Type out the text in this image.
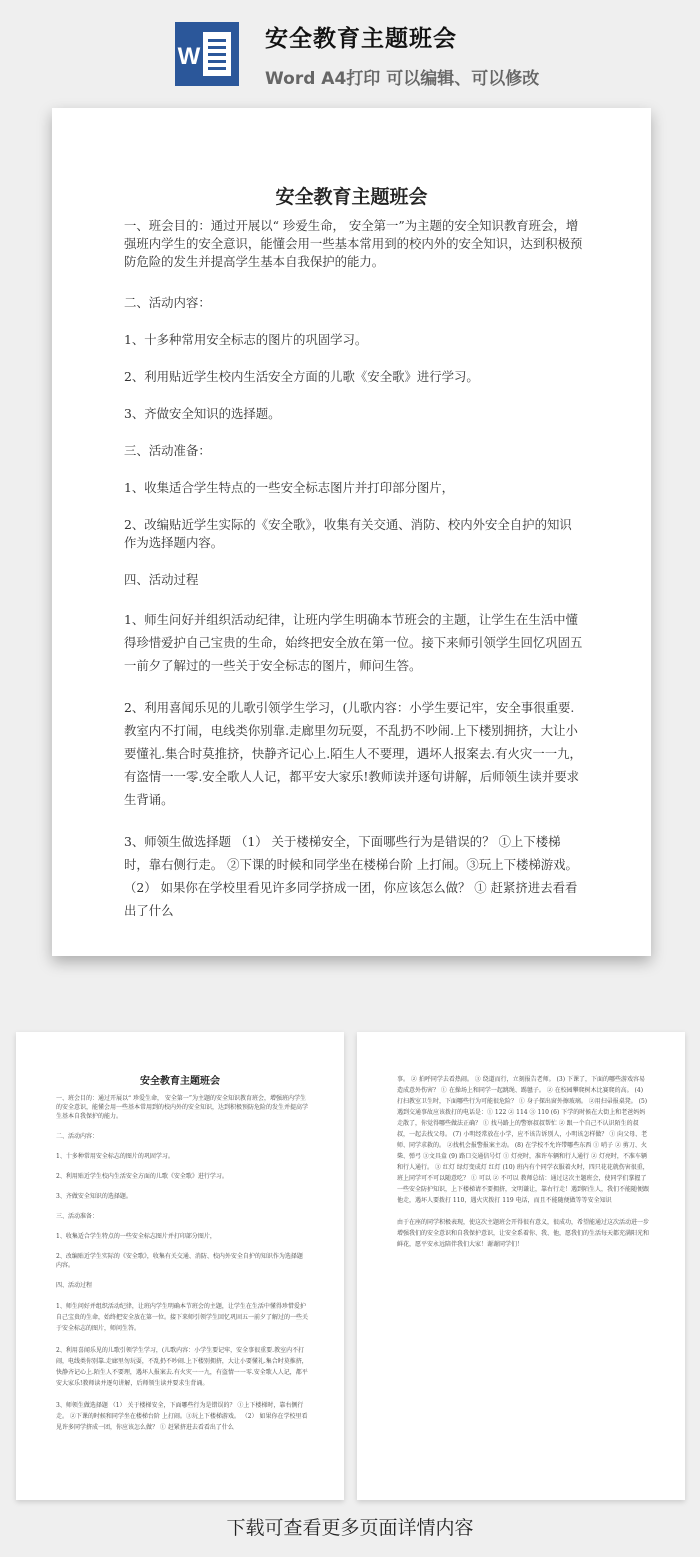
W
安全教育主题班会
Word A4打印 可以编辑、可以修改
安全教育主题班会

一、班会目的：通过开展以“ 珍爱生命， 安全第一”为主题的安全知识教育班会，增强班内学生的安全意识，能懂会用一些基本常用到的校内外的安全知识，达到积极预防危险的发生并提高学生基本自我保护的能力。

二、活动内容：

1、十多种常用安全标志的图片的巩固学习。

2、利用贴近学生校内生活安全方面的儿歌《安全歌》进行学习。

3、齐做安全知识的选择题。

三、活动准备：

1、收集适合学生特点的一些安全标志图片并打印部分图片，

2、改编贴近学生实际的《安全歌》，收集有关交通、消防、校内外安全自护的知识作为选择题内容。

四、活动过程

1、师生问好并组织活动纪律，让班内学生明确本节班会的主题，让学生在生活中懂得珍惜爱护自己宝贵的生命，始终把安全放在第一位。接下来师引领学生回忆巩固五一前夕了解过的一些关于安全标志的图片，师问生答。

2、利用喜闻乐见的儿歌引领学生学习，(儿歌内容：小学生要记牢，安全事很重要.教室内不打闹，电线类你别靠.走廊里勿玩耍，不乱扔不吵闹.上下楼别拥挤，大让小要懂礼.集合时莫推挤，快静齐记心上.陌生人不要理，遇坏人报案去.有火灾一一九，有盗情一一零.安全歌人人记，都平安大家乐!教师读并逐句讲解，后师领生读并要求生背诵。

3、师领生做选择题 （1） 关于楼梯安全，下面哪些行为是错误的？ ①上下楼梯时，靠右侧行走。 ②下课的时候和同学坐在楼梯台阶 上打闹。③玩上下楼梯游戏。 （2） 如果你在学校里看见许多同学挤成一团，你应该怎么做？ ① 赶紧挤进去看看出了什么

安全教育主题班会

一、班会目的：通过开展以“ 珍爱生命， 安全第一”为主题的安全知识教育班会，增强班内学生的安全意识，能懂会用一些基本常用到的校内外的安全知识，达到积极预防危险的发生并提高学生基本自我保护的能力。

二、活动内容：

1、十多种常用安全标志的图片的巩固学习。

2、利用贴近学生校内生活安全方面的儿歌《安全歌》进行学习。

3、齐做安全知识的选择题。

三、活动准备：

1、收集适合学生特点的一些安全标志图片并打印部分图片，

2、改编贴近学生实际的《安全歌》，收集有关交通、消防、校内外安全自护的知识作为选择题内容。

四、活动过程

1、师生问好并组织活动纪律，让班内学生明确本节班会的主题，让学生在生活中懂得珍惜爱护自己宝贵的生命，始终把安全放在第一位。接下来师引领学生回忆巩固五一前夕了解过的一些关于安全标志的图片，师问生答。

2、利用喜闻乐见的儿歌引领学生学习，(儿歌内容：小学生要记牢，安全事很重要.教室内不打闹，电线类你别靠.走廊里勿玩耍，不乱扔不吵闹.上下楼别拥挤，大让小要懂礼.集合时莫推挤，快静齐记心上.陌生人不要理，遇坏人报案去.有火灾一一九，有盗情一一零.安全歌人人记，都平安大家乐!教师读并逐句讲解，后师领生读并要求生背诵。

3、师领生做选择题 （1） 关于楼梯安全，下面哪些行为是错误的？ ①上下楼梯时，靠右侧行走。 ②下课的时候和同学坐在楼梯台阶 上打闹。③玩上下楼梯游戏。 （2） 如果你在学校里看见许多同学挤成一团，你应该怎么做？ ① 赶紧挤进去看看出了什么

事。 ② 拍呼同学去看热闹。 ③ 绕道而行，立刻报告老师。 (3) 下课了，下面的哪些游戏容易造成意外伤害？ ① 在操场上和同学一起跳绳、踢毽子。 ② 在校园攀爬树木比赛爬的高。 (4) 打扫教室卫生时，下面哪些行为可能很危险？ ① 身子探出窗外擦玻璃。 ②用扫帚报桌凳。 (5) 遇到交通事故应该拨打的电话是：① 122 ② 114 ③ 110 (6) 下学的时候在大街上和老爸妈妈走散了，你觉得哪些做法正确？ ① 找马路上的警察叔叔帮忙 ② 跟一个自己不认识陌生的叔叔，一起去找父母。 (7) 小明经常放在小学，应不该告诉别人，小明该怎样做？ ① 向父母、老师、同学求救的。 ②找机会报警报案主动。 (8) 在学校不允许带哪些东西 ① 哨子 ② 剪刀、火柴、弹弓 ③文具盒 (9) 路口交通信号灯 ① 灯亮时，准许车辆和行人通行 ② 灯亮时，不准车辆和行人通行。 ③ 红灯 绿灯变成灯 红灯 (10) 班内有个同学衣服着火时，四只花花就伤害很重，班上同学可不可以随意吃？ ① 可以 ② 不可以 教师总结：通过这次主题班会，使同学们掌握了一些安全防护知识，上下楼梯请不要拥挤，文明谦让，靠右行走！遇到陌生人，我们不能随便跟他走，遇坏人要拨打 110，遇火灾拨打 119 电话，而且不能随便做等等安全知识

由于在座的同学积极表现，使这次主题班会开得很有意义，很成功，希望能通过这次活动进一步增强我们的安全意识和自我保护意识，让安全系着你、我、他，愿我们的生活每天都充满阳光和鲜花，愿平安永远陪伴我们大家！谢谢同学们！

下载可查看更多页面详情内容
